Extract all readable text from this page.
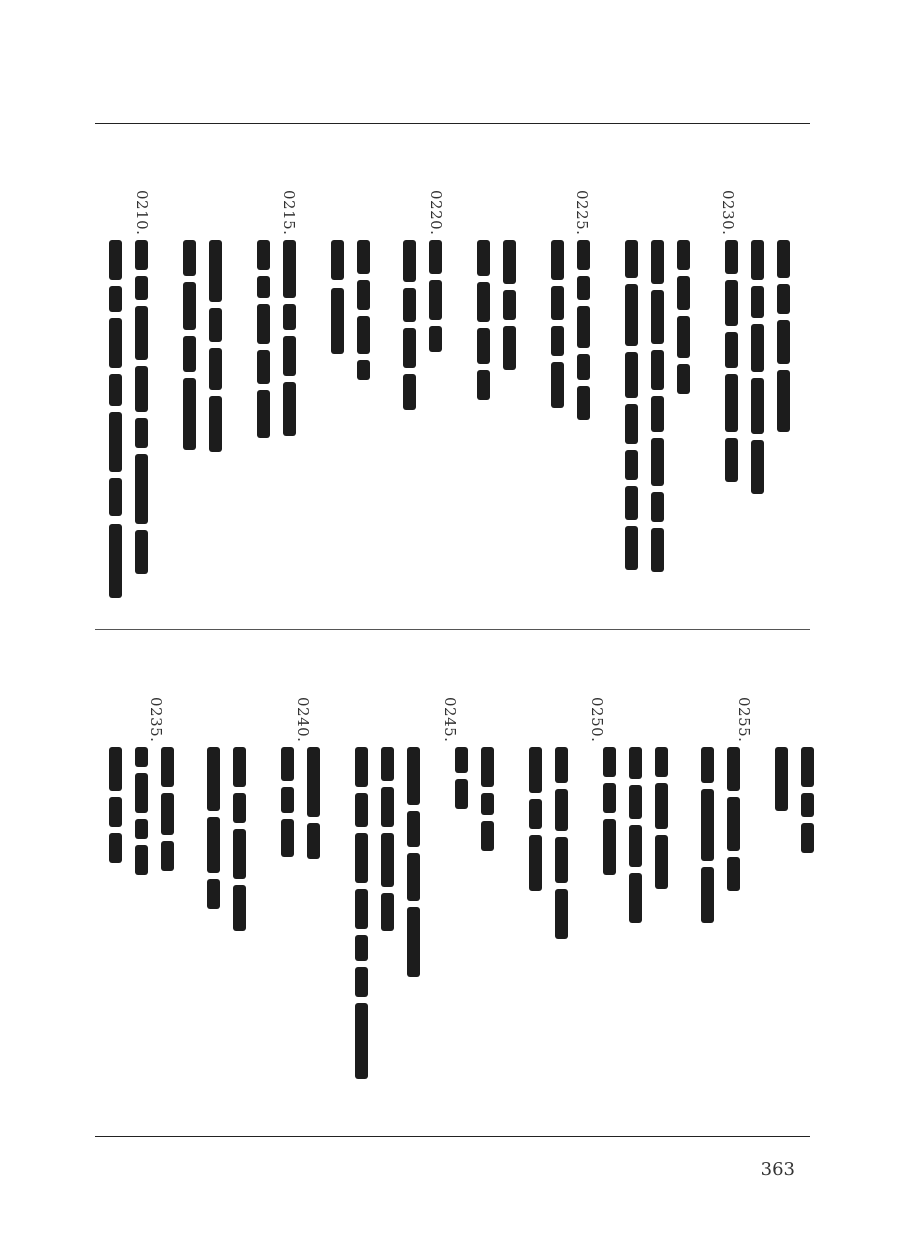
0210.	0215.	0220.	0225.	0230.
0235.	0240.	0245.	0250.	0255.
363
